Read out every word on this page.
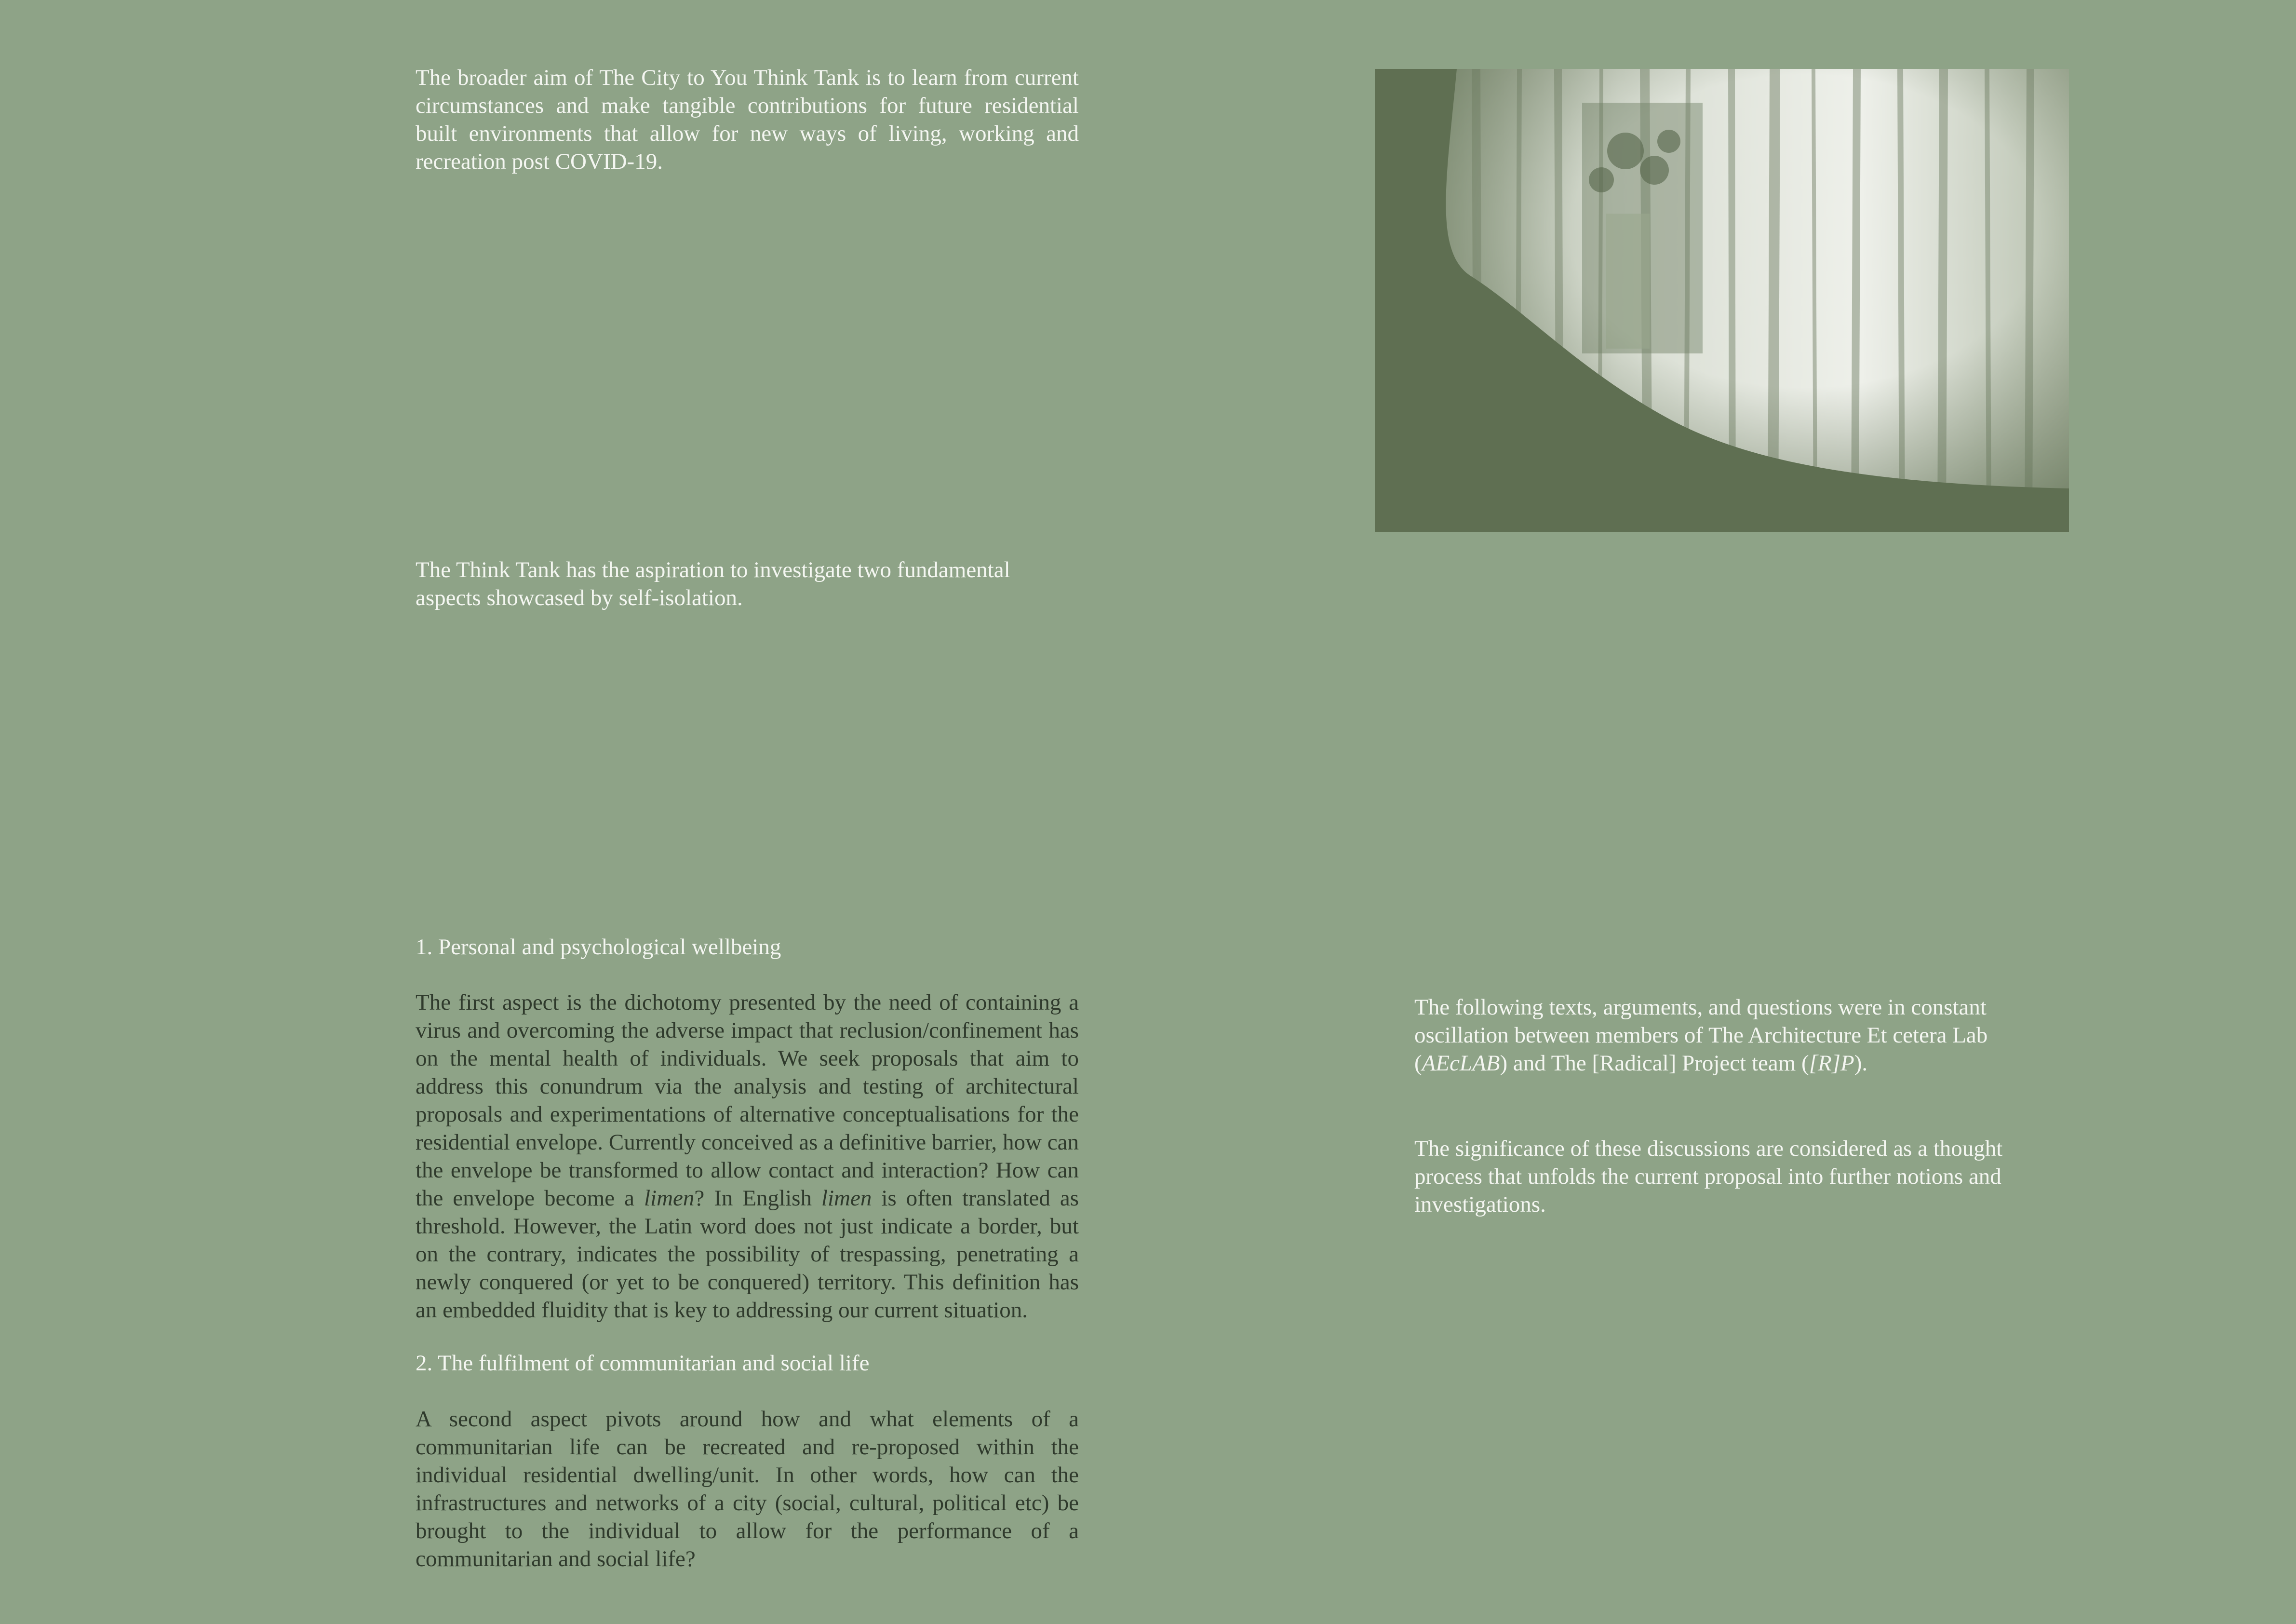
The broader aim of The City to You Think Tank is to learn from current circumstances and make tangible contributions for future residential built environments that allow for new ways of living, working and recreation post COVID-19.

The Think Tank has the aspiration to investigate two fundamental aspects showcased by self-isolation.

1. Personal and psychological wellbeing

The first aspect is the dichotomy presented by the need of containing a virus and overcoming the adverse impact that reclusion/confinement has on the mental health of individuals. We seek proposals that aim to address this conundrum via the analysis and testing of architectural proposals and experimentations of alternative conceptualisations for the residential envelope. Currently conceived as a definitive barrier, how can the envelope be transformed to allow contact and interaction? How can the envelope become a limen? In English limen is often translated as threshold. However, the Latin word does not just indicate a border, but on the contrary, indicates the possibility of trespassing, penetrating a newly conquered (or yet to be conquered) territory. This definition has an embedded fluidity that is key to addressing our current situation.

2. The fulfilment of communitarian and social life

A second aspect pivots around how and what elements of a communitarian life can be recreated and re-proposed within the individual residential dwelling/unit. In other words, how can the infrastructures and networks of a city (social, cultural, political etc) be brought to the individual to allow for the performance of a communitarian and social life?

The following texts, arguments, and questions were in constant oscillation between members of The Architecture Et cetera Lab (AEcLAB) and The [Radical] Project team ([R]P).

The significance of these discussions are considered as a thought process that unfolds the current proposal into further notions and investigations.
